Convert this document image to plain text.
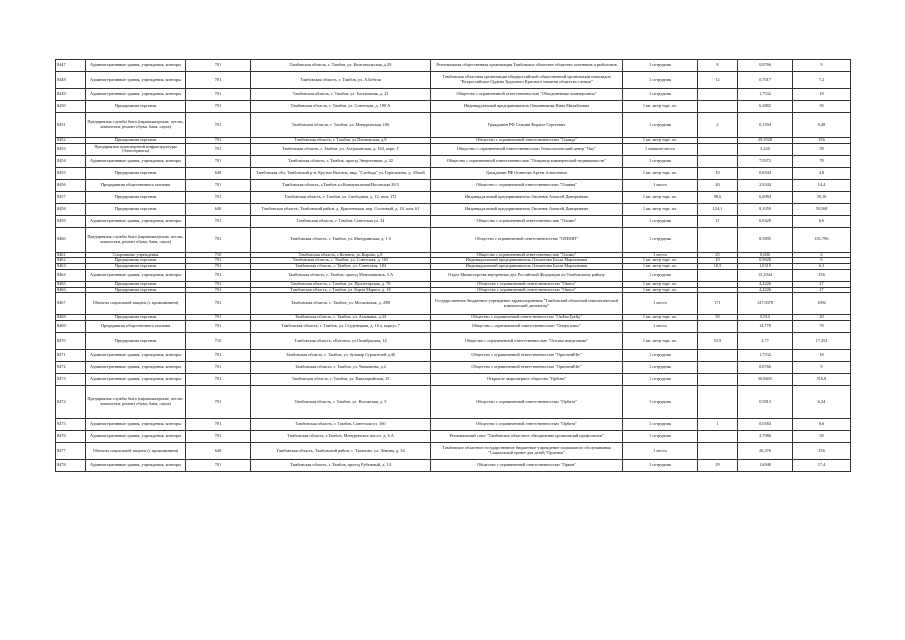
8447	Административные здания, учреждения, конторы	701	Тамбовская область, г. Тамбов, ул. Комсомольская, д.29	Региональная общественная организация Тамбовское областное общество охотников и рыболовов	1 сотрудник	8	0,8766	9
8448	Административные здания, учреждения, конторы	701	Тамбовская область, г. Тамбов, ул. А.Бебеля	Тамбовская областная организация общероссийской общественной организации инвалидов "Всероссийское Ордена Трудового Красного знамени общество слепых"	1 сотрудник	12	0,7017	7,2
8449	Административные здания, учреждения, конторы	701	Тамбовская область, г. Тамбов, ул. Бастионная, д. 23	Общество с ограниченной ответственностью "Объединенные коммерсанты"	1 сотрудник		1,7532	18
8450	Предприятия торговли	701	Тамбовская область, г. Тамбов, ул. Советская, д. 190 А	Индивидуальный предприниматель Овчинникова Нина Михайловна	1 кв. метр торг. пл.		6,3882	39
8451	Предприятия службы быта (парикмахерские, ателье, химчистки, ремонт обуви, баня, сауна)	701	Тамбовская область, г. Тамбов, ул. Мичуринская, 106	Гражданин РФ Сташин Кирилл Сергеевич	1 сотрудник	2	0,1394	0,48
8452	Предприятия торговли	701	Тамбовская область, г. Тамбов, ул.Пионерская, д.8	Общество с ограниченной ответственностью "Оданда"	1 кв. метр торг. пл.		29,5528	156
8453	Предприятия транспортной инфраструктуры (Автосервисы)	701	Тамбовская область, г. Тамбов, ул. Астраханская, д. 164, корп. Г	Общество с ограниченной ответственностью Технологический центр "Оку"	1 машино-место		3,226	39
8454	Административные здания, учреждения, конторы	701	Тамбовская область, г. Тамбов, проезд Энергетиков, д. 32	Общество с ограниченной ответственностью "Оператор коммерческой недвижимости"	1 сотрудник		7,5972	78
8455	Предприятия торговли	640	Тамбовская обл, Тамбовский р-н, Крутые Высоты, мкр. "Слобода" ул. Герасимова, д. 43/ии5	Гражданин РФ Оганесян Артем Алексеевич	1 кв. метр торг. пл.	10	0,6544	4,8
8456	Предприятия общественного питания	701	Тамбовская область, г.Тамбов ул.Коммунальная/Носовская 20/3	Общество с ограниченной ответственностью "Оливия"	1 место	20	2,9344	14,4
8457	Предприятия торговли	701	Тамбовская область, г. Тамбов, ул. Свободная, д. 12, пом. 172	Индивидуальный предприниматель Оксенюк Алексей Дмитриевич	1 кв. метр торг. пл.	98,6	6,6984	39,16
8458	Предприятия торговли	640	Тамбовская область, Тамбовский район, д. Красненькая, пер. Сосновый, д. 10, пом. 61	Индивидуальный предприниматель Оксенюк Алексей Дмитриевич	1 кв. метр торг. пл.	124,1	8,1059	59,568
8459	Административные здания, учреждения, конторы	701	Тамбовская область, г. Тамбов, Советская ул. 34	Общество с ограниченной ответственностью "Олимп"	1 сотрудник	11	0,9428	6,6
8460	Предприятия службы быта (парикмахерские, ателье, химчистки, ремонт обуви, баня, сауна)	701	Тамбовская область, г. Тамбов, ул. Мичуринская, д. 1 б	Общество с ограниченной ответственностью "ОЛЕМП"	1 сотрудник		8,3805	101,796
8461	Спортивные учреждения	710	Тамбовская область, г.Котовск, ул.Кирова, д.8	Общество с ограниченной ответственностью "Олимп"	1 место	25	0,606	6
8462	Предприятия торговли	701	Тамбовская область, г. Тамбов, ул. Советская, д. 165	Индивидуальный предприниматель Ольметова Бэлла Марламовна	1 кв. метр торг. пл.	10	0,9828	6
8463	Предприятия торговли	701	Тамбовская область, г. Тамбов, ул. Советская, 184	Индивидуальный предприниматель Ольметова Бэлла Марламовна	1 кв. метр торг. пл.	10,5	1,0319	6,3
8464	Административные здания, учреждения, конторы	701	Тамбовская область, г. Тамбов, проезд Монтажников, 3 А	Отдел Министерства внутренних дел Российской Федерации по Тамбовскому району	1 сотрудник		15,1944	156
8465	Предприятия торговли	701	Тамбовская область, г. Тамбов, ул. Пролетарская, д. 70	Общество с ограниченной ответственностью "Омега"	1 кв. метр торг. пл.		4,4226	27
8466	Предприятия торговли	701	Тамбовская область, г. Тамбов, ул. Карла Маркса, д. 18	Общество с ограниченной ответственностью "Омега"	1 кв. метр торг. пл.		4,4226	27
8467	Объекты социальной защиты (с проживанием)	701	Тамбовская область, г. Тамбов, ул. Московская, д. 29В	Государственное бюджетное учреждение здравоохранения "Тамбовский областной онкологический клинический диспансер"	1 место	171	127,9378	1092
8468	Предприятия торговли	701	Тамбовская область, г. Тамбов, ул. Агапкина, д.23	Общество с ограниченной ответственностью "ОмЕкоТрейд"	1 кв. метр торг. пл.	50	0,914	20
8469	Предприятия общественного питания	701	Тамбовская область, г. Тамбов, ул. Студенецкая, д. 16 а, корпус 7	Общество с ограниченной ответственностью "Опера плюс"	1 место		14,778	78
8470	Предприятия торговли	710	Тамбовская область, г.Котовск, ул.Октябрьская, 14	Общество с ограниченной ответственностью "Оптика имедтоника"	1 кв. метр торг. пл.	55,9	2,77	17,252
8471	Административные здания, учреждения, конторы	701	Тамбовская область, г. Тамбов, ул. бульвар Строителей д.4б	Общество с ограниченной ответственностью "ОрионэнЕйт"	1 сотрудник		1,7532	18
8472	Административные здания, учреждения, конторы	701	Тамбовская область, г. Тамбов, ул. Чичканова, д.2	Общество с ограниченной ответственностью "ОрионэнЕйт"	1 сотрудник		0,8766	9
8473	Административные здания, учреждения, конторы	701	Тамбовская область, г. Тамбов, ул. Кавалерийская, 15	Открытое акционерное общество "Орбита"	1 сотрудник		50,8405	516,8
8474	Предприятия службы быта (парикмахерские, ателье, химчистки, ремонт обуви, баня, сауна)	701	Тамбовская область, г. Тамбов, ул. Носовская, д. 5	Общество с ограниченной ответственностью "Орбита"	1 сотрудник		0,5813	6,24
8475	Административные здания, учреждения, конторы	701	Тамбовская область, г. Тамбов, Советская ул. 160	Общество с ограниченной ответственностью "Орбита"	1 сотрудник	1	0,0584	0,6
8476	Административные здания, учреждения, конторы	701	Тамбовская область, г.Тамбов, Мичуринское шоссе, д. 6 А	Региональный союз "Тамбовское областное объединение организаций профсоюзов"	1 сотрудник		3,7986	39
8477	Объекты социальной защиты (с проживанием)	640	Тамбовская область, Тамбовский район, с. Татаново, ул. Ленина, д. 34	Тамбовское областное государственное бюджетное учреждение социального обслуживания "Социальный приют для детей "Орленок"	1 место		28,376	156
8478	Административные здания, учреждения, конторы	701	Тамбовская область, г. Тамбов, проезд Рубежный, д. 14	Общество с ограниченной ответственностью "Оркон"	1 сотрудник	29	1,6948	17,4
